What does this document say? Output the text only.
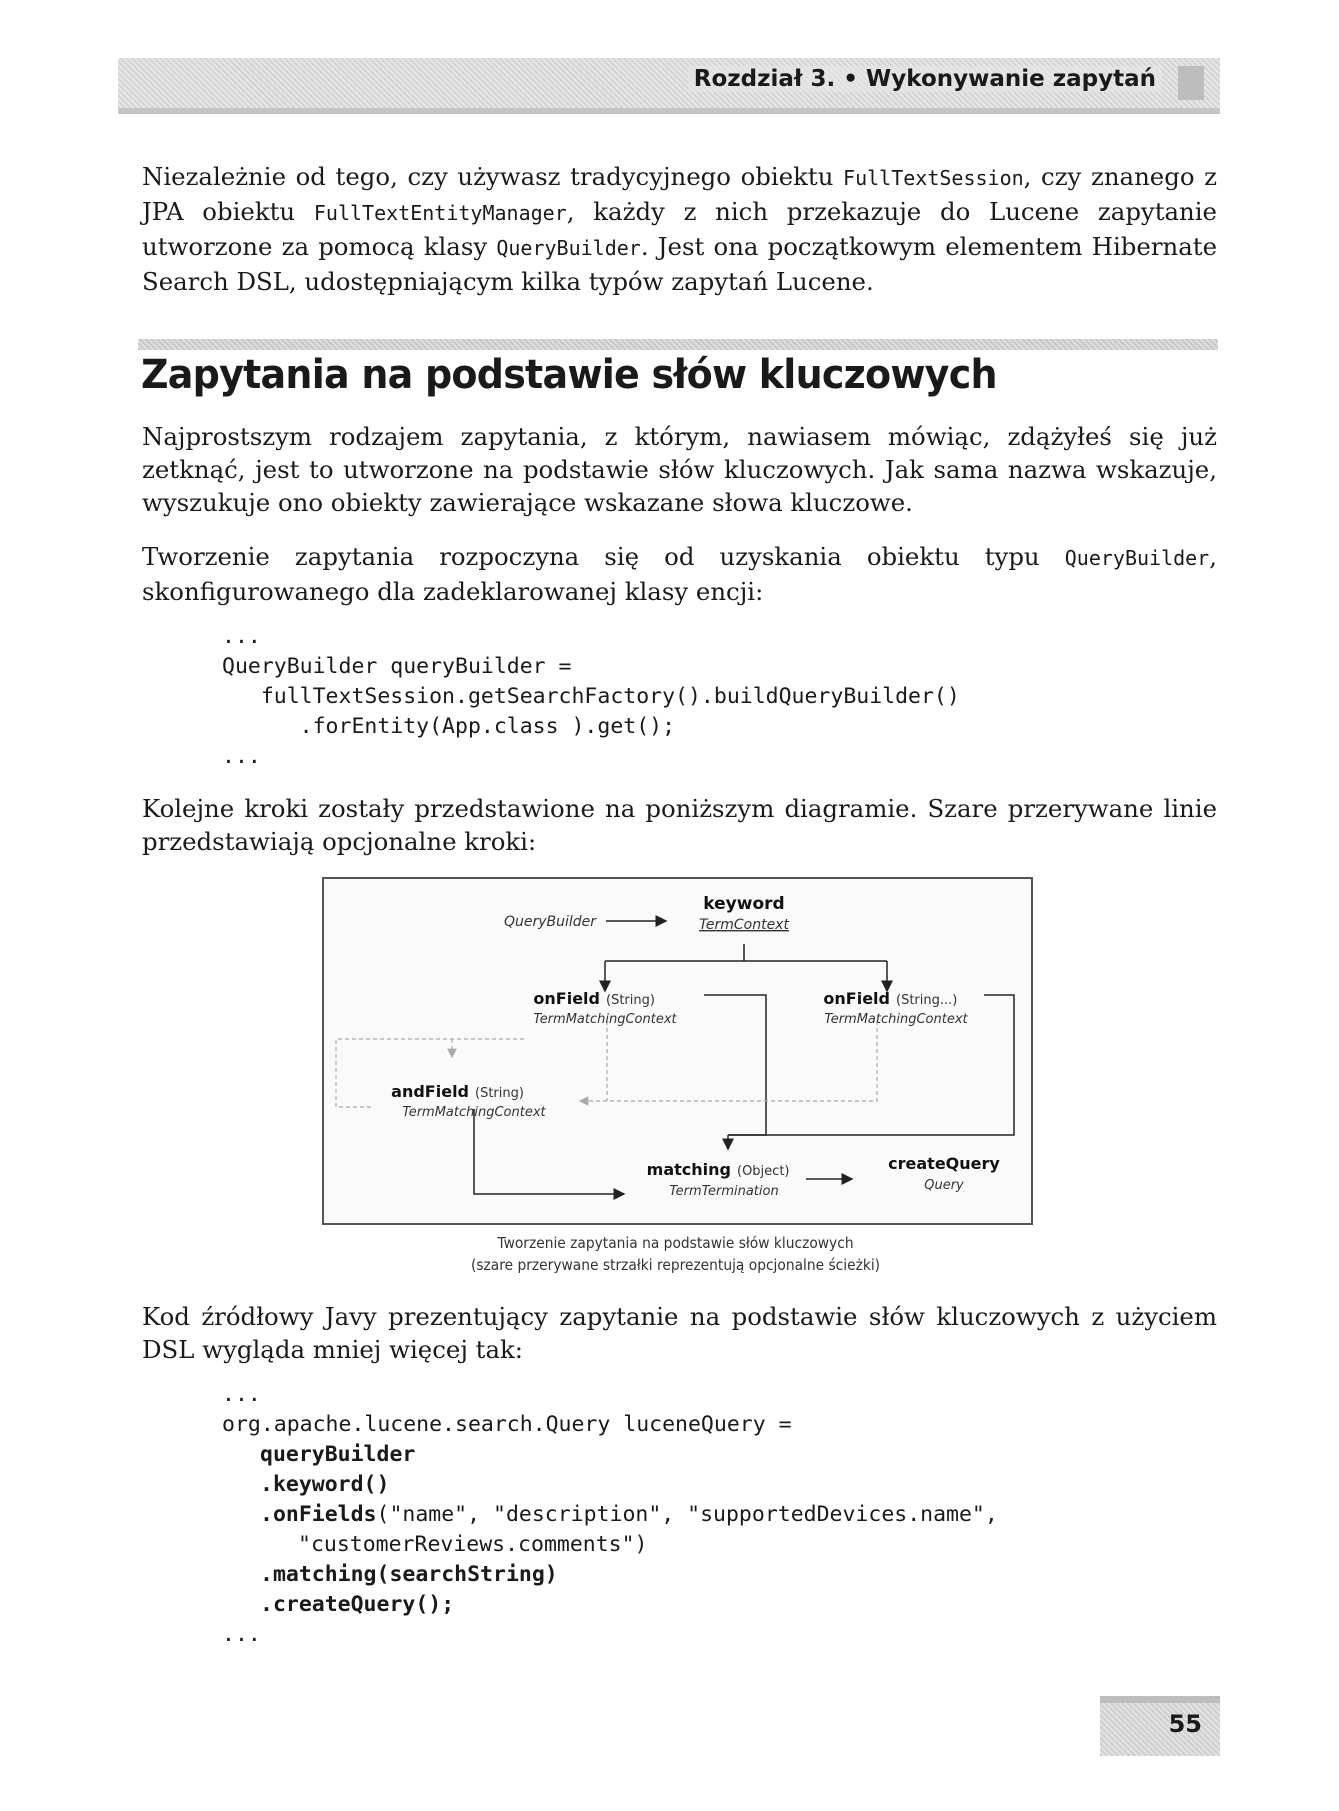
Rozdział 3. • Wykonywanie zapytań

Niezależnie od tego, czy używasz tradycyjnego obiektu FullTextSession, czy znanego z JPA obiektu FullTextEntityManager, każdy z nich przekazuje do Lucene zapytanie utworzone za pomocą klasy QueryBuilder. Jest ona początkowym elementem Hibernate Search DSL, udostępniającym kilka typów zapytań Lucene.

Zapytania na podstawie słów kluczowych

Najprostszym rodzajem zapytania, z którym, nawiasem mówiąc, zdążyłeś się już zetknąć, jest to utworzone na podstawie słów kluczowych. Jak sama nazwa wskazuje, wyszukuje ono obiekty zawierające wskazane słowa kluczowe.

Tworzenie zapytania rozpoczyna się od uzyskania obiektu typu QueryBuilder, skonfigurowanego dla zadeklarowanej klasy encji:

...
QueryBuilder queryBuilder =
fullTextSession.getSearchFactory().buildQueryBuilder()
.forEntity(App.class ).get();
...

Kolejne kroki zostały przedstawione na poniższym diagramie. Szare przerywane linie przedstawiają opcjonalne kroki:

QueryBuilder
keyword
TermContext
onField (String)
TermMatchingContext
onField (String...)
TermMatchingContext
andField (String)
TermMatchingContext
matching (Object)
TermTermination
createQuery
Query
Tworzenie zapytania na podstawie słów kluczowych
(szare przerywane strzałki reprezentują opcjonalne ścieżki)

Kod źródłowy Javy prezentujący zapytanie na podstawie słów kluczowych z użyciem DSL wygląda mniej więcej tak:

...
org.apache.lucene.search.Query luceneQuery =
queryBuilder
.keyword()
.onFields("name", "description", "supportedDevices.name",
"customerReviews.comments")
.matching(searchString)
.createQuery();
...
55
